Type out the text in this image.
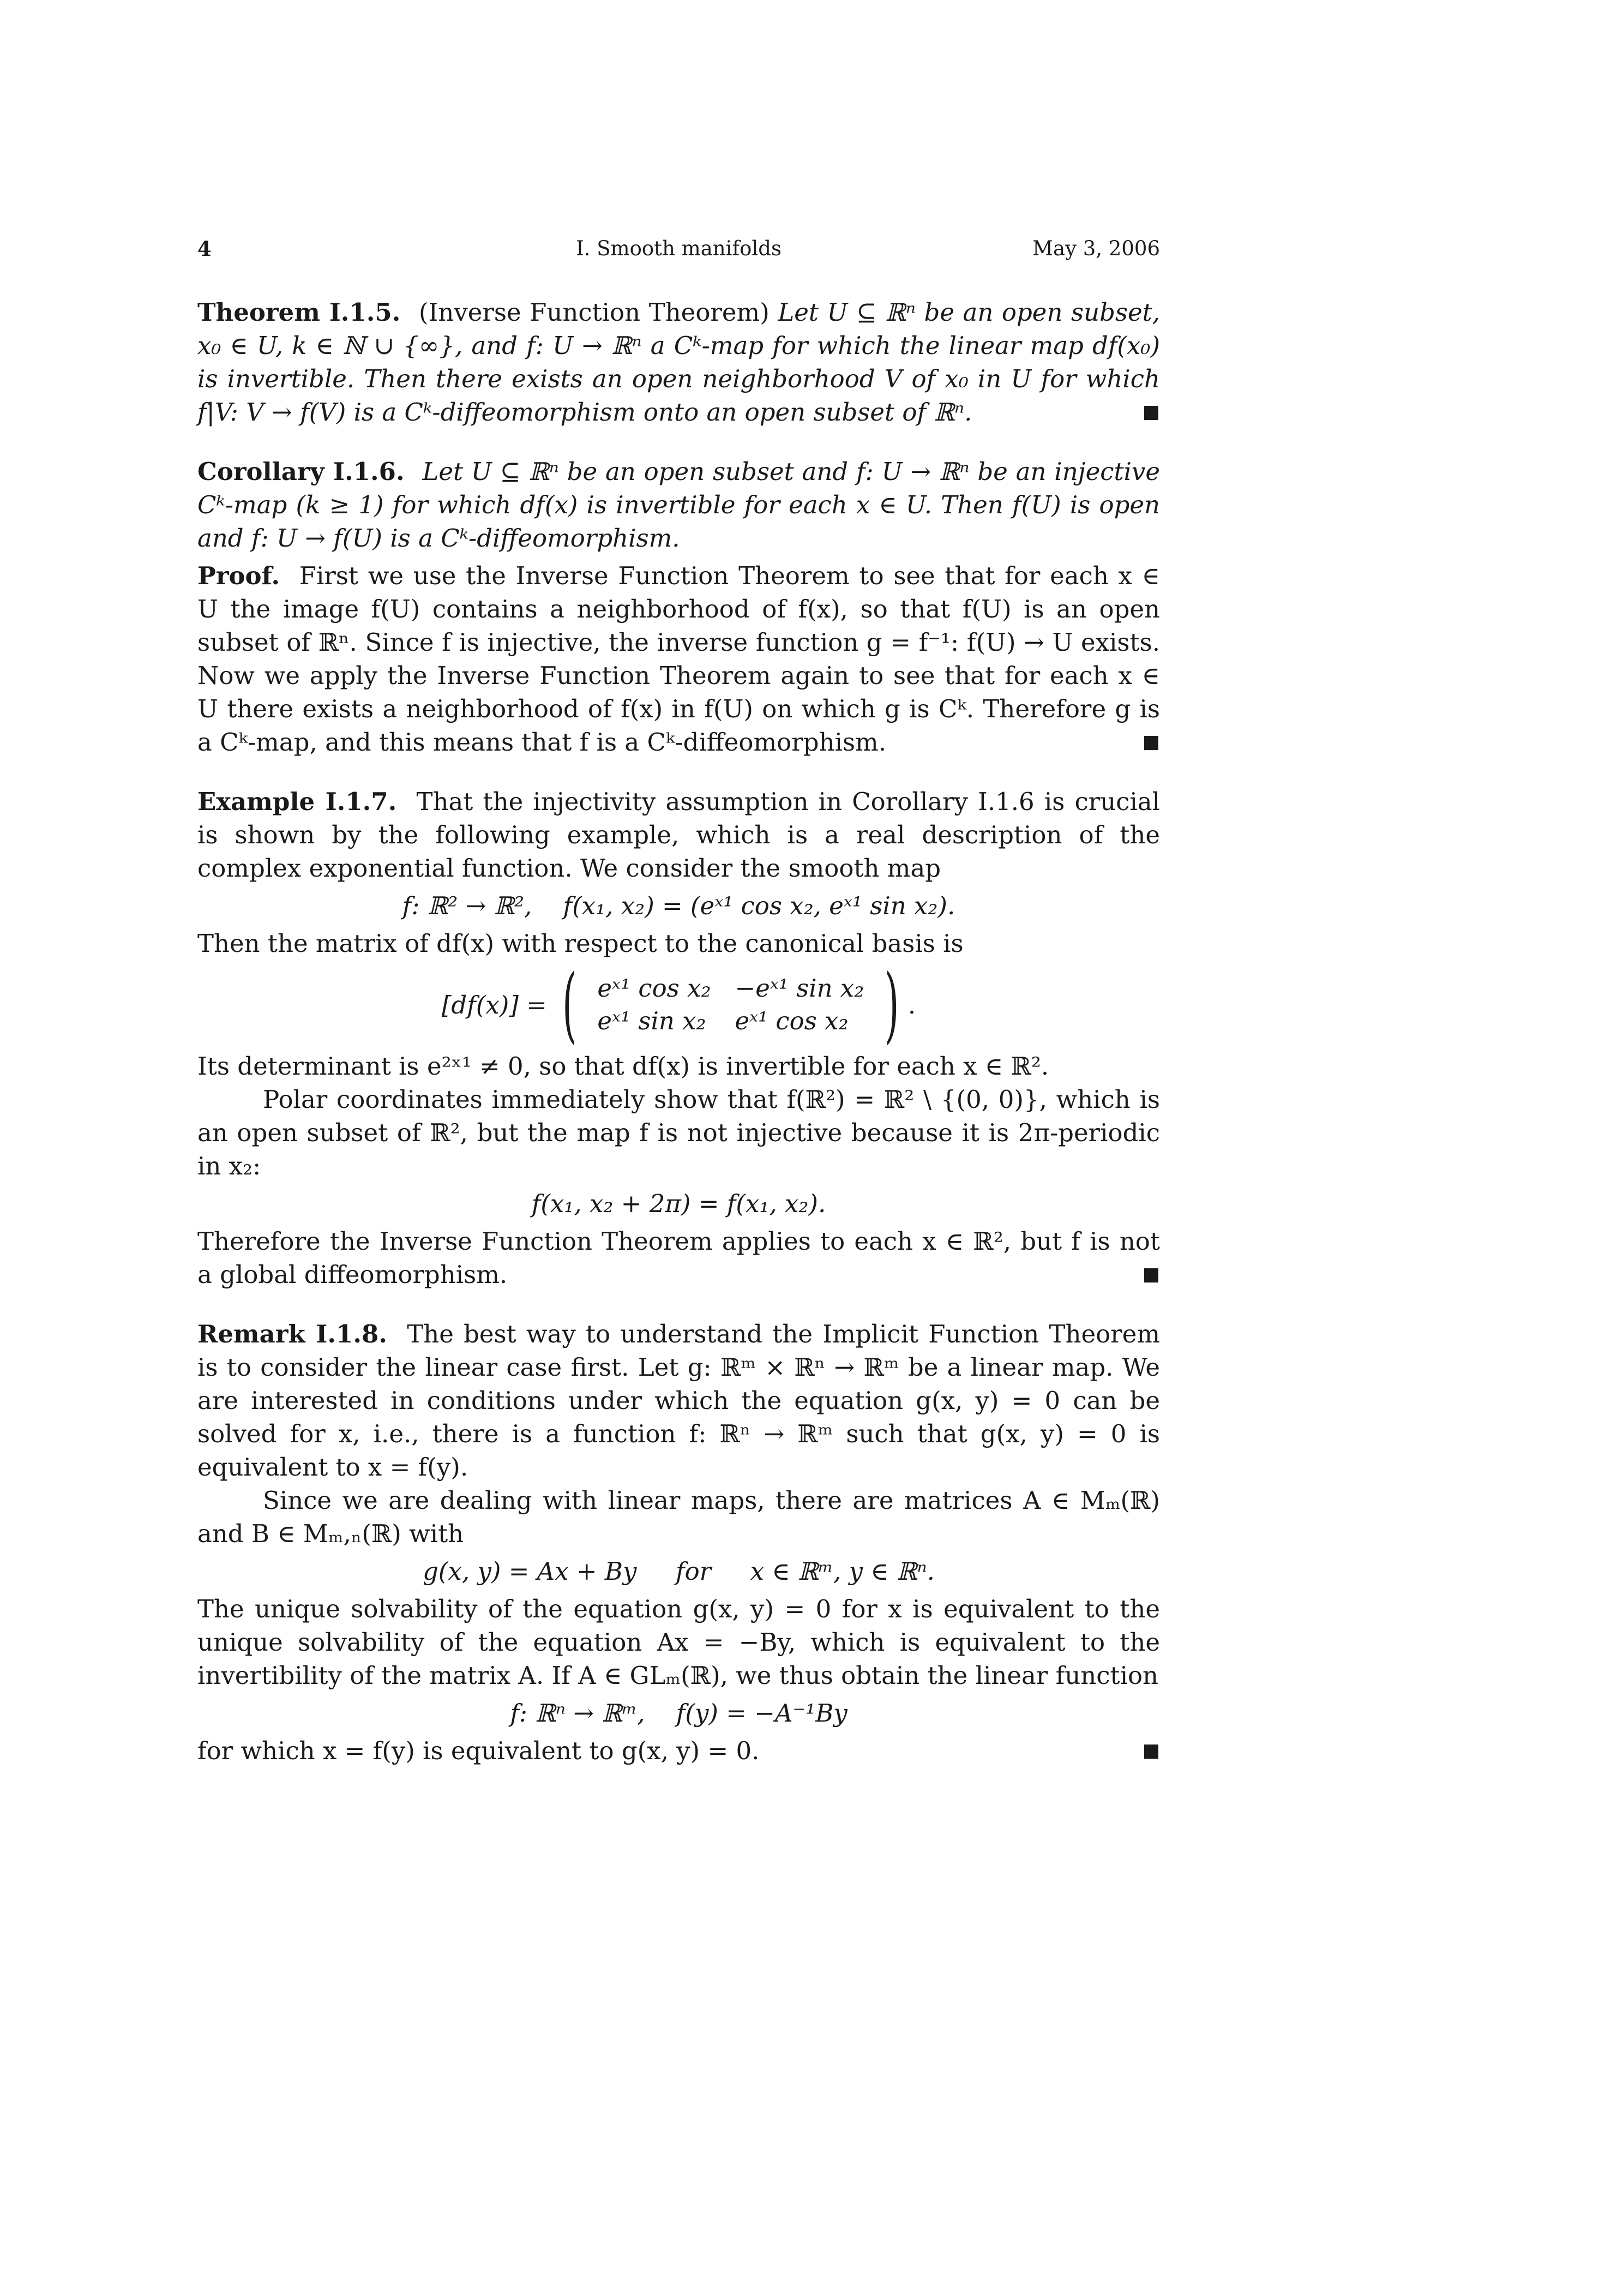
4	I. Smooth manifolds	May 3, 2006

Theorem I.1.5. (Inverse Function Theorem) Let U ⊆ ℝⁿ be an open subset, x₀ ∈ U, k ∈ ℕ ∪ {∞}, and f: U → ℝⁿ a Cᵏ-map for which the linear map df(x₀) is invertible. Then there exists an open neighborhood V of x₀ in U for which f|V: V → f(V) is a Cᵏ-diffeomorphism onto an open subset of ℝⁿ.	■

Corollary I.1.6. Let U ⊆ ℝⁿ be an open subset and f: U → ℝⁿ be an injective Cᵏ-map (k ≥ 1) for which df(x) is invertible for each x ∈ U. Then f(U) is open and f: U → f(U) is a Cᵏ-diffeomorphism.

Proof. First we use the Inverse Function Theorem to see that for each x ∈ U the image f(U) contains a neighborhood of f(x), so that f(U) is an open subset of ℝⁿ. Since f is injective, the inverse function g = f⁻¹: f(U) → U exists. Now we apply the Inverse Function Theorem again to see that for each x ∈ U there exists a neighborhood of f(x) in f(U) on which g is Cᵏ. Therefore g is a Cᵏ-map, and this means that f is a Cᵏ-diffeomorphism.	■

Example I.1.7. That the injectivity assumption in Corollary I.1.6 is crucial is shown by the following example, which is a real description of the complex exponential function. We consider the smooth map

f: ℝ² → ℝ²,    f(x₁, x₂) = (eˣ¹ cos x₂, eˣ¹ sin x₂).

Then the matrix of df(x) with respect to the canonical basis is

[df(x)] = ( eˣ¹ cos x₂	−eˣ¹ sin x₂
eˣ¹ sin x₂	eˣ¹ cos x₂ ) .

Its determinant is e²ˣ¹ ≠ 0, so that df(x) is invertible for each x ∈ ℝ².

Polar coordinates immediately show that f(ℝ²) = ℝ² \ {(0, 0)}, which is an open subset of ℝ², but the map f is not injective because it is 2π-periodic in x₂:

f(x₁, x₂ + 2π) = f(x₁, x₂).

Therefore the Inverse Function Theorem applies to each x ∈ ℝ², but f is not a global diffeomorphism.	■

Remark I.1.8. The best way to understand the Implicit Function Theorem is to consider the linear case first. Let g: ℝᵐ × ℝⁿ → ℝᵐ be a linear map. We are interested in conditions under which the equation g(x, y) = 0 can be solved for x, i.e., there is a function f: ℝⁿ → ℝᵐ such that g(x, y) = 0 is equivalent to x = f(y).

Since we are dealing with linear maps, there are matrices A ∈ Mₘ(ℝ) and B ∈ Mₘ,ₙ(ℝ) with

g(x, y) = Ax + By     for     x ∈ ℝᵐ, y ∈ ℝⁿ.

The unique solvability of the equation g(x, y) = 0 for x is equivalent to the unique solvability of the equation Ax = −By, which is equivalent to the invertibility of the matrix A. If A ∈ GLₘ(ℝ), we thus obtain the linear function

f: ℝⁿ → ℝᵐ,    f(y) = −A⁻¹By

for which x = f(y) is equivalent to g(x, y) = 0.	■
